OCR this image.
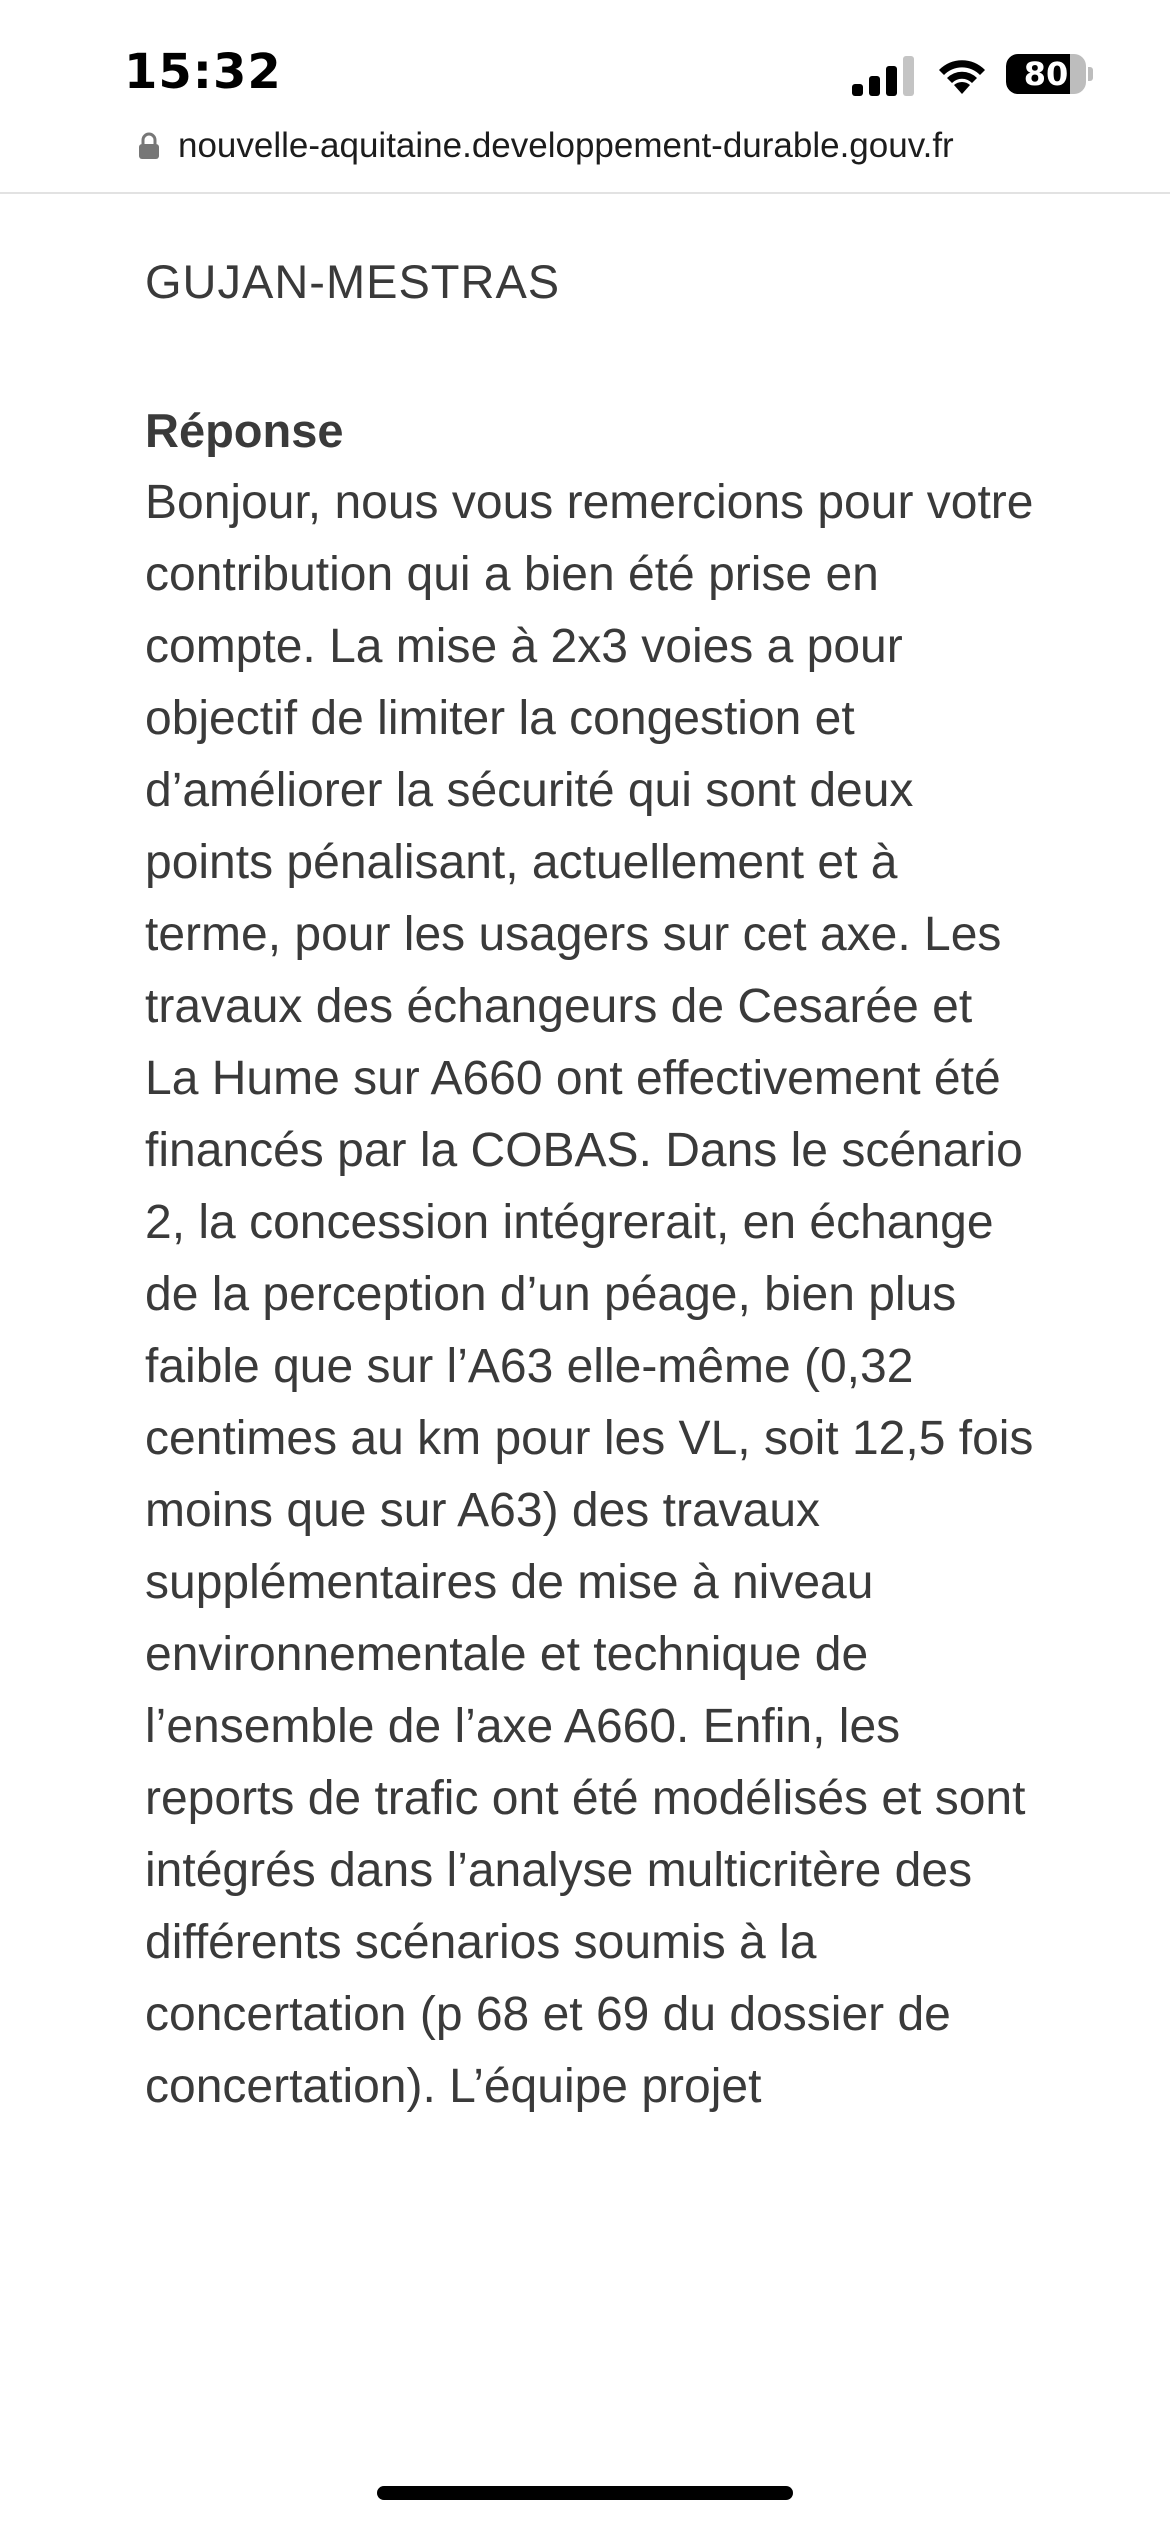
15:32	80
nouvelle-aquitaine.developpement-durable.gouv.fr
GUJAN-MESTRAS
Réponse

Bonjour, nous vous remercions pour votre contribution qui a bien été prise en compte. La mise à 2x3 voies a pour objectif de limiter la congestion et d’améliorer la sécurité qui sont deux points pénalisant, actuellement et à terme, pour les usagers sur cet axe. Les travaux des échangeurs de Cesarée et La Hume sur A660 ont effectivement été financés par la COBAS. Dans le scénario 2, la concession intégrerait, en échange de la perception d’un péage, bien plus faible que sur l’A63 elle-même (0,32 centimes au km pour les VL, soit 12,5 fois moins que sur A63) des travaux supplémentaires de mise à niveau environnementale et technique de l’ensemble de l’axe A660. Enfin, les reports de trafic ont été modélisés et sont intégrés dans l’analyse multicritère des différents scénarios soumis à la concertation (p 68 et 69 du dossier de concertation). L’équipe projet
